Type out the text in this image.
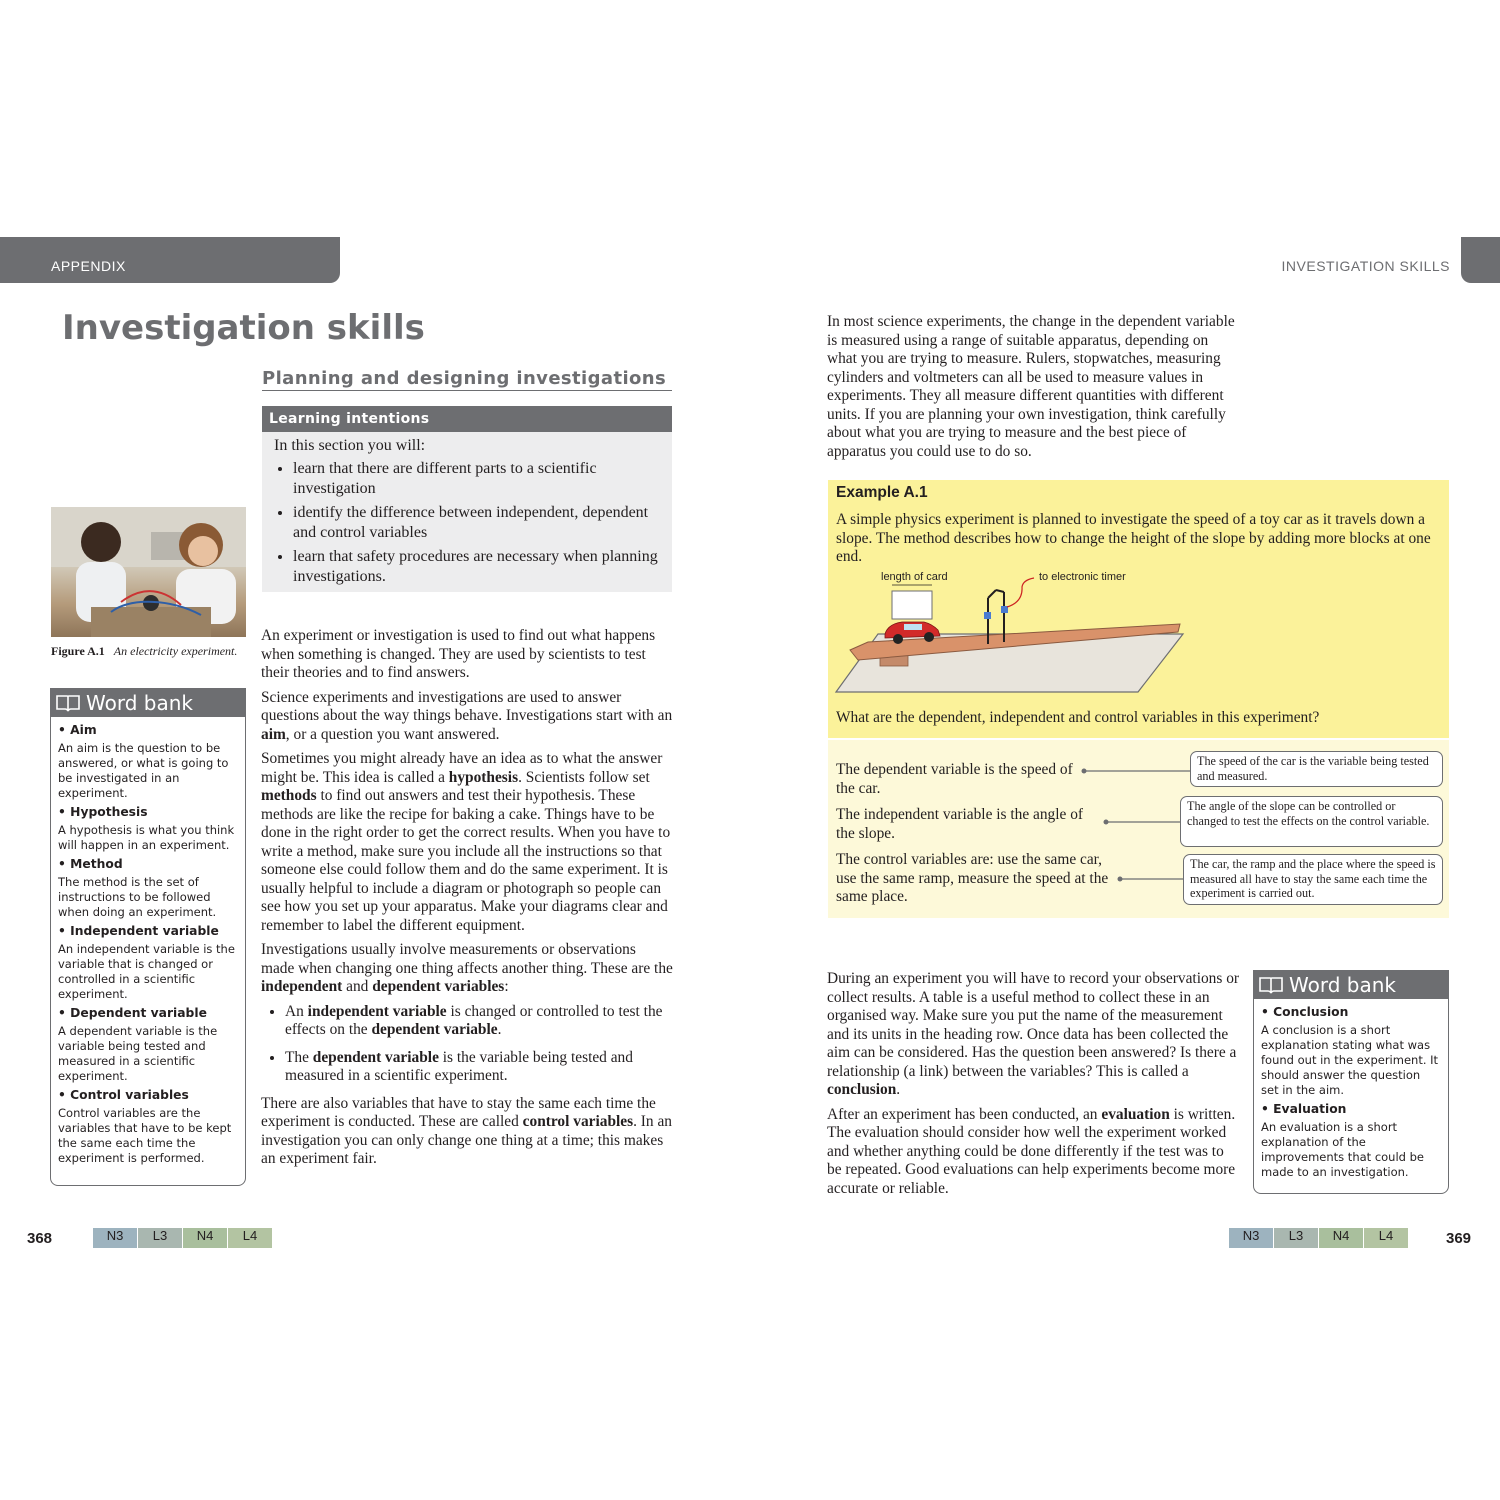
APPENDIX	INVESTIGATION SKILLS
Investigation skills
Planning and designing investigations
Learning intentions
In this section you will:
• learn that there are different parts to a scientific investigation
• identify the difference between independent, dependent and control variables
• learn that safety procedures are necessary when planning investigations.
Figure A.1 An electricity experiment.
Word bank
• Aim
An aim is the question to be answered, or what is going to be investigated in an experiment.
• Hypothesis
A hypothesis is what you think will happen in an experiment.
• Method
The method is the set of instructions to be followed when doing an experiment.
• Independent variable
An independent variable is the variable that is changed or controlled in a scientific experiment.
• Dependent variable
A dependent variable is the variable being tested and measured in a scientific experiment.
• Control variables
Control variables are the variables that have to be kept the same each time the experiment is performed.

An experiment or investigation is used to find out what happens when something is changed. They are used by scientists to test their theories and to find answers.

Science experiments and investigations are used to answer questions about the way things behave. Investigations start with an aim, or a question you want answered.

Sometimes you might already have an idea as to what the answer might be. This idea is called a hypothesis. Scientists follow set methods to find out answers and test their hypothesis. These methods are like the recipe for baking a cake. Things have to be done in the right order to get the correct results. When you have to write a method, make sure you include all the instructions so that someone else could follow them and do the same experiment. It is usually helpful to include a diagram or photograph so people can see how you set up your apparatus. Make your diagrams clear and remember to label the different equipment.

Investigations usually involve measurements or observations made when changing one thing affects another thing. These are the independent and dependent variables:

• An independent variable is changed or controlled to test the effects on the dependent variable.
• The dependent variable is the variable being tested and measured in a scientific experiment.

There are also variables that have to stay the same each time the experiment is conducted. These are called control variables. In an investigation you can only change one thing at a time; this makes an experiment fair.

In most science experiments, the change in the dependent variable is measured using a range of suitable apparatus, depending on what you are trying to measure. Rulers, stopwatches, measuring cylinders and voltmeters can all be used to measure values in experiments. They all measure different quantities with different units. If you are planning your own investigation, think carefully about what you are trying to measure and the best piece of apparatus you could use to do so.

Example A.1
A simple physics experiment is planned to investigate the speed of a toy car as it travels down a slope. The method describes how to change the height of the slope by adding more blocks at one end.
length of card	to electronic timer
What are the dependent, independent and control variables in this experiment?
The dependent variable is the speed of the car.
The independent variable is the angle of the slope.
The control variables are: use the same car, use the same ramp, measure the speed at the same place.
The speed of the car is the variable being tested and measured.
The angle of the slope can be controlled or changed to test the effects on the control variable.
The car, the ramp and the place where the speed is measured all have to stay the same each time the experiment is carried out.

During an experiment you will have to record your observations or collect results. A table is a useful method to collect these in an organised way. Make sure you put the name of the measurement and its units in the heading row. Once data has been collected the aim can be considered. Has the question been answered? Is there a relationship (a link) between the variables? This is called a conclusion.

After an experiment has been conducted, an evaluation is written. The evaluation should consider how well the experiment worked and whether anything could be done differently if the test was to be repeated. Good evaluations can help experiments become more accurate or reliable.

Word bank
• Conclusion
A conclusion is a short explanation stating what was found out in the experiment. It should answer the question set in the aim.
• Evaluation
An evaluation is a short explanation of the improvements that could be made to an investigation.
368	N3	L3	N4	L4	N3	L3	N4	L4	369
